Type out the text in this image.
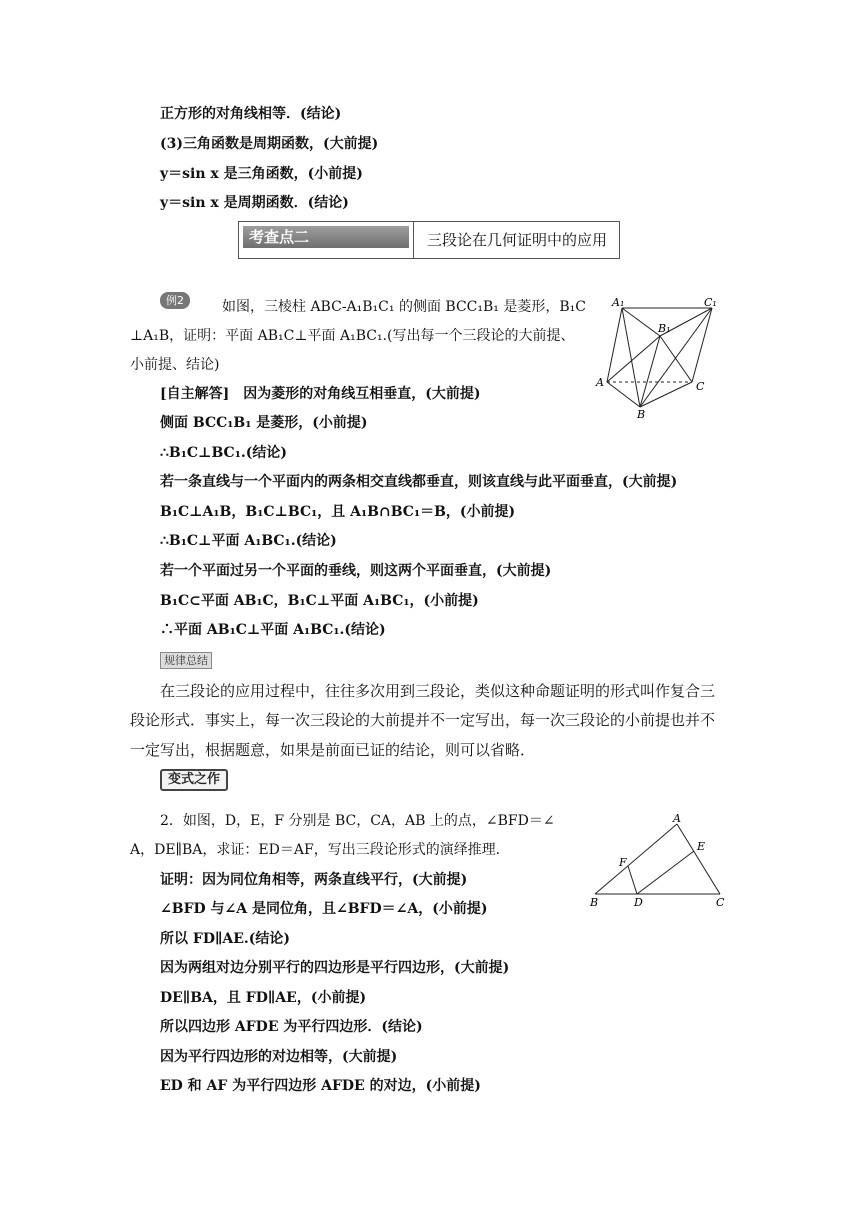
正方形的对角线相等．(结论)
(3)三角函数是周期函数，(大前提)
y＝sin x 是三角函数，(小前提)
y＝sin x 是周期函数．(结论)
考查点二	三段论在几何证明中的应用
例2	如图，三棱柱 ABC-A₁B₁C₁ 的侧面 BCC₁B₁ 是菱形，B₁C
⊥A₁B，证明：平面 AB₁C⊥平面 A₁BC₁.(写出每一个三段论的大前提、
小前提、结论)
A₁	C₁
B₁
A	C
B
[自主解答]　因为菱形的对角线互相垂直，(大前提)
侧面 BCC₁B₁ 是菱形，(小前提)
∴B₁C⊥BC₁.(结论)
若一条直线与一个平面内的两条相交直线都垂直，则该直线与此平面垂直，(大前提)
B₁C⊥A₁B，B₁C⊥BC₁，且 A₁B∩BC₁＝B，(小前提)
∴B₁C⊥平面 A₁BC₁.(结论)
若一个平面过另一个平面的垂线，则这两个平面垂直，(大前提)
B₁C⊂平面 AB₁C，B₁C⊥平面 A₁BC₁，(小前提)
∴平面 AB₁C⊥平面 A₁BC₁.(结论)
规律总结
在三段论的应用过程中，往往多次用到三段论，类似这种命题证明的形式叫作复合三
段论形式．事实上，每一次三段论的大前提并不一定写出，每一次三段论的小前提也并不
一定写出，根据题意，如果是前面已证的结论，则可以省略．
变式之作
2．如图，D，E，F 分别是 BC，CA，AB 上的点，∠BFD＝∠
A，DE∥BA，求证：ED＝AF，写出三段论形式的演绎推理．
A
E
F
B	D	C
证明：因为同位角相等，两条直线平行，(大前提)
∠BFD 与∠A 是同位角，且∠BFD＝∠A，(小前提)
所以 FD∥AE.(结论)
因为两组对边分别平行的四边形是平行四边形，(大前提)
DE∥BA，且 FD∥AE，(小前提)
所以四边形 AFDE 为平行四边形．(结论)
因为平行四边形的对边相等，(大前提)
ED 和 AF 为平行四边形 AFDE 的对边，(小前提)
